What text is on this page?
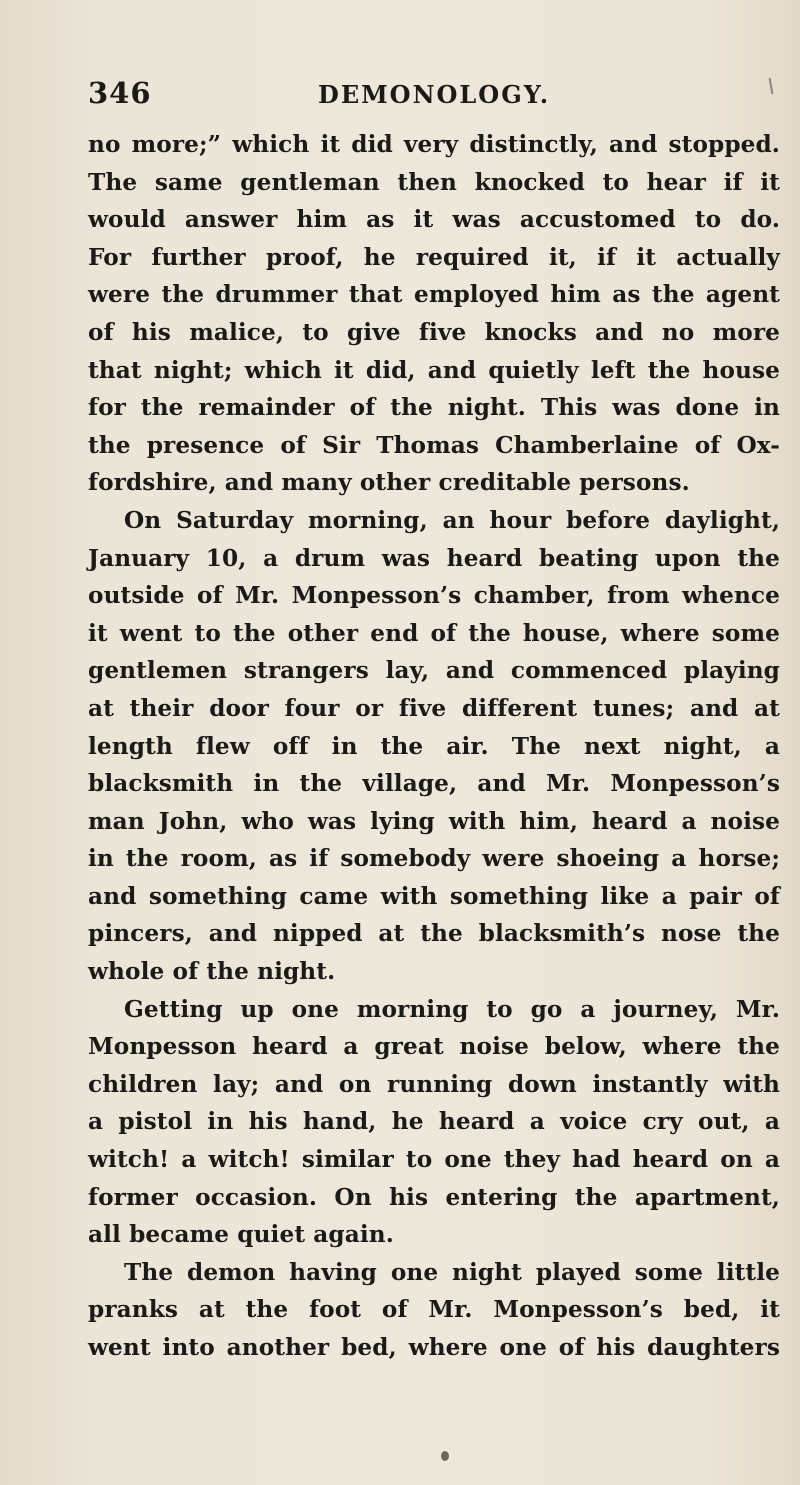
346	DEMONOLOGY.
no more;” which it did very distinctly, and stopped.
The same gentleman then knocked to hear if it
would answer him as it was accustomed to do.
For further proof, he required it, if it actually
were the drummer that employed him as the agent
of his malice, to give five knocks and no more
that night; which it did, and quietly left the house
for the remainder of the night. This was done in
the presence of Sir Thomas Chamberlaine of Ox-
fordshire, and many other creditable persons.
On Saturday morning, an hour before daylight,
January 10, a drum was heard beating upon the
outside of Mr. Monpesson’s chamber, from whence
it went to the other end of the house, where some
gentlemen strangers lay, and commenced playing
at their door four or five different tunes; and at
length flew off in the air. The next night, a
blacksmith in the village, and Mr. Monpesson’s
man John, who was lying with him, heard a noise
in the room, as if somebody were shoeing a horse;
and something came with something like a pair of
pincers, and nipped at the blacksmith’s nose the
whole of the night.
Getting up one morning to go a journey, Mr.
Monpesson heard a great noise below, where the
children lay; and on running down instantly with
a pistol in his hand, he heard a voice cry out, a
witch! a witch! similar to one they had heard on a
former occasion. On his entering the apartment,
all became quiet again.
The demon having one night played some little
pranks at the foot of Mr. Monpesson’s bed, it
went into another bed, where one of his daughters
